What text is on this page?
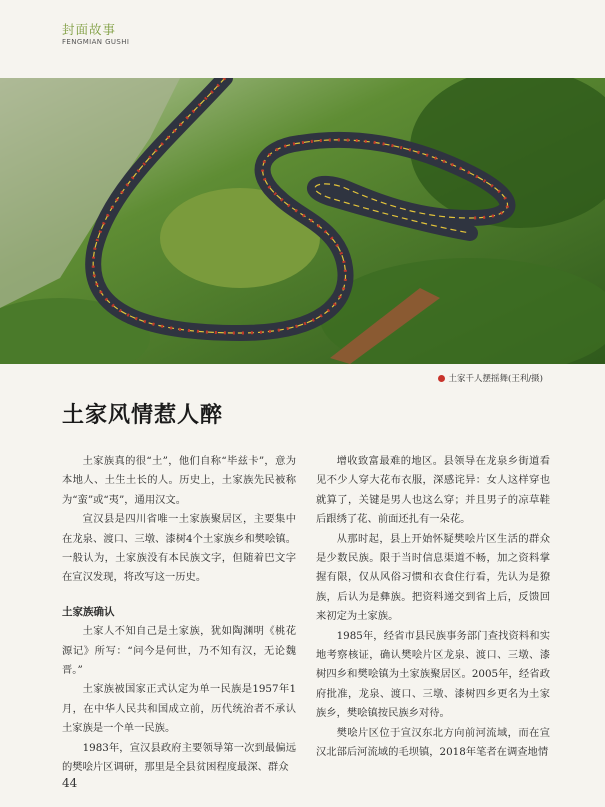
封面故事
FENGMIAN GUSHI
土家千人摆摇舞(王利/摄)
土家风情惹人醉

土家族真的很“土”，他们自称“毕兹卡”，意为本地人、土生土长的人。历史上，土家族先民被称为“蛮”或“夷”，通用汉文。

宣汉县是四川省唯一土家族聚居区，主要集中在龙泉、渡口、三墩、漆树4个土家族乡和樊哙镇。一般认为，土家族没有本民族文字，但随着巴文字在宣汉发现，将改写这一历史。

土家族确认

土家人不知自己是土家族，犹如陶渊明《桃花源记》所写：“问今是何世，乃不知有汉，无论魏晋。”

土家族被国家正式认定为单一民族是1957年1月，在中华人民共和国成立前，历代统治者不承认土家族是一个单一民族。

1983年，宣汉县政府主要领导第一次到最偏远的樊哙片区调研，那里是全县贫困程度最深、群众

增收致富最难的地区。县领导在龙泉乡街道看见不少人穿大花布衣服，深感诧异：女人这样穿也就算了，关键是男人也这么穿；并且男子的凉草鞋后跟绣了花、前面还扎有一朵花。

从那时起，县上开始怀疑樊哙片区生活的群众是少数民族。限于当时信息渠道不畅，加之资料掌握有限，仅从风俗习惯和衣食住行看，先认为是獠族，后认为是彝族。把资料递交到省上后，反馈回来初定为土家族。

1985年，经省市县民族事务部门查找资料和实地考察核证，确认樊哙片区龙泉、渡口、三墩、漆树四乡和樊哙镇为土家族聚居区。2005年，经省政府批准，龙泉、渡口、三墩、漆树四乡更名为土家族乡，樊哙镇按民族乡对待。

樊哙片区位于宣汉东北方向前河流域，而在宣汉北部后河流域的毛坝镇，2018年笔者在调查地情

44
